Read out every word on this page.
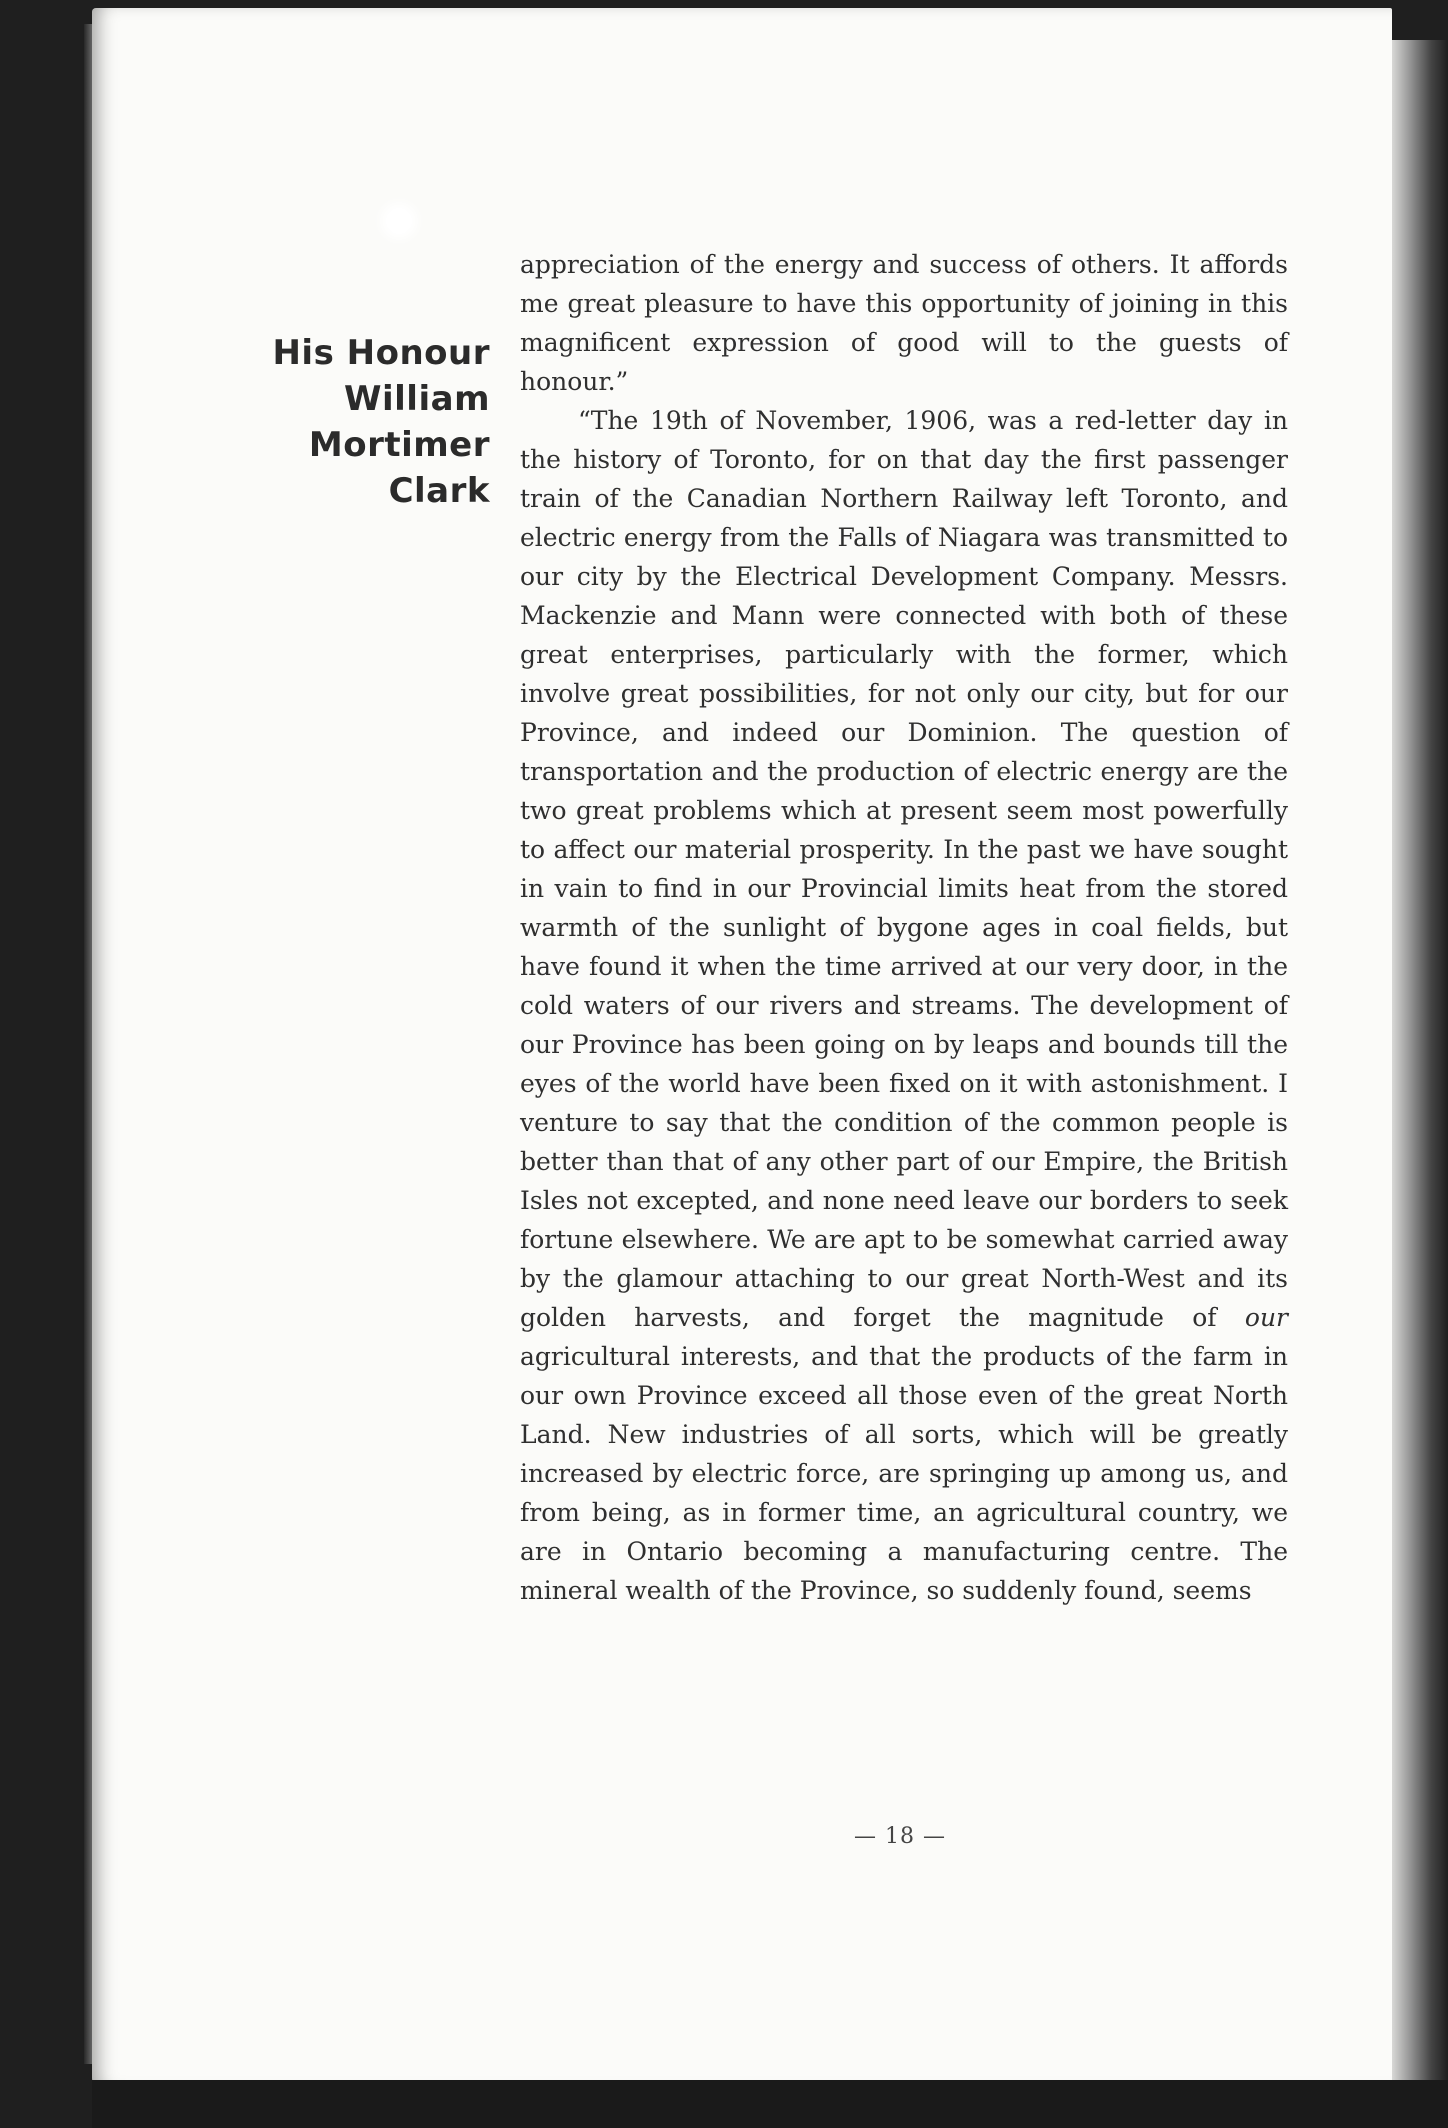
His Honour
William
Mortimer Clark

appreciation of the energy and success of others. It affords me great pleasure to have this opportunity of joining in this magnificent expression of good will to the guests of honour.”

“The 19th of November, 1906, was a red-letter day in the history of Toronto, for on that day the first passenger train of the Canadian Northern Railway left Toronto, and electric energy from the Falls of Niagara was transmitted to our city by the Electrical Development Company. Messrs. Mackenzie and Mann were connected with both of these great enterprises, particularly with the former, which involve great possibilities, for not only our city, but for our Province, and indeed our Dominion. The question of transportation and the production of electric energy are the two great problems which at present seem most powerfully to affect our material prosperity. In the past we have sought in vain to find in our Provincial limits heat from the stored warmth of the sunlight of bygone ages in coal fields, but have found it when the time arrived at our very door, in the cold waters of our rivers and streams. The development of our Province has been going on by leaps and bounds till the eyes of the world have been fixed on it with astonishment. I venture to say that the condition of the common people is better than that of any other part of our Empire, the British Isles not excepted, and none need leave our borders to seek fortune elsewhere. We are apt to be somewhat carried away by the glamour attaching to our great North-West and its golden harvests, and forget the magnitude of our agricultural interests, and that the products of the farm in our own Province exceed all those even of the great North Land. New industries of all sorts, which will be greatly increased by electric force, are springing up among us, and from being, as in former time, an agricultural country, we are in Ontario becoming a manufacturing centre. The mineral wealth of the Province, so suddenly found, seems

— 18 —
